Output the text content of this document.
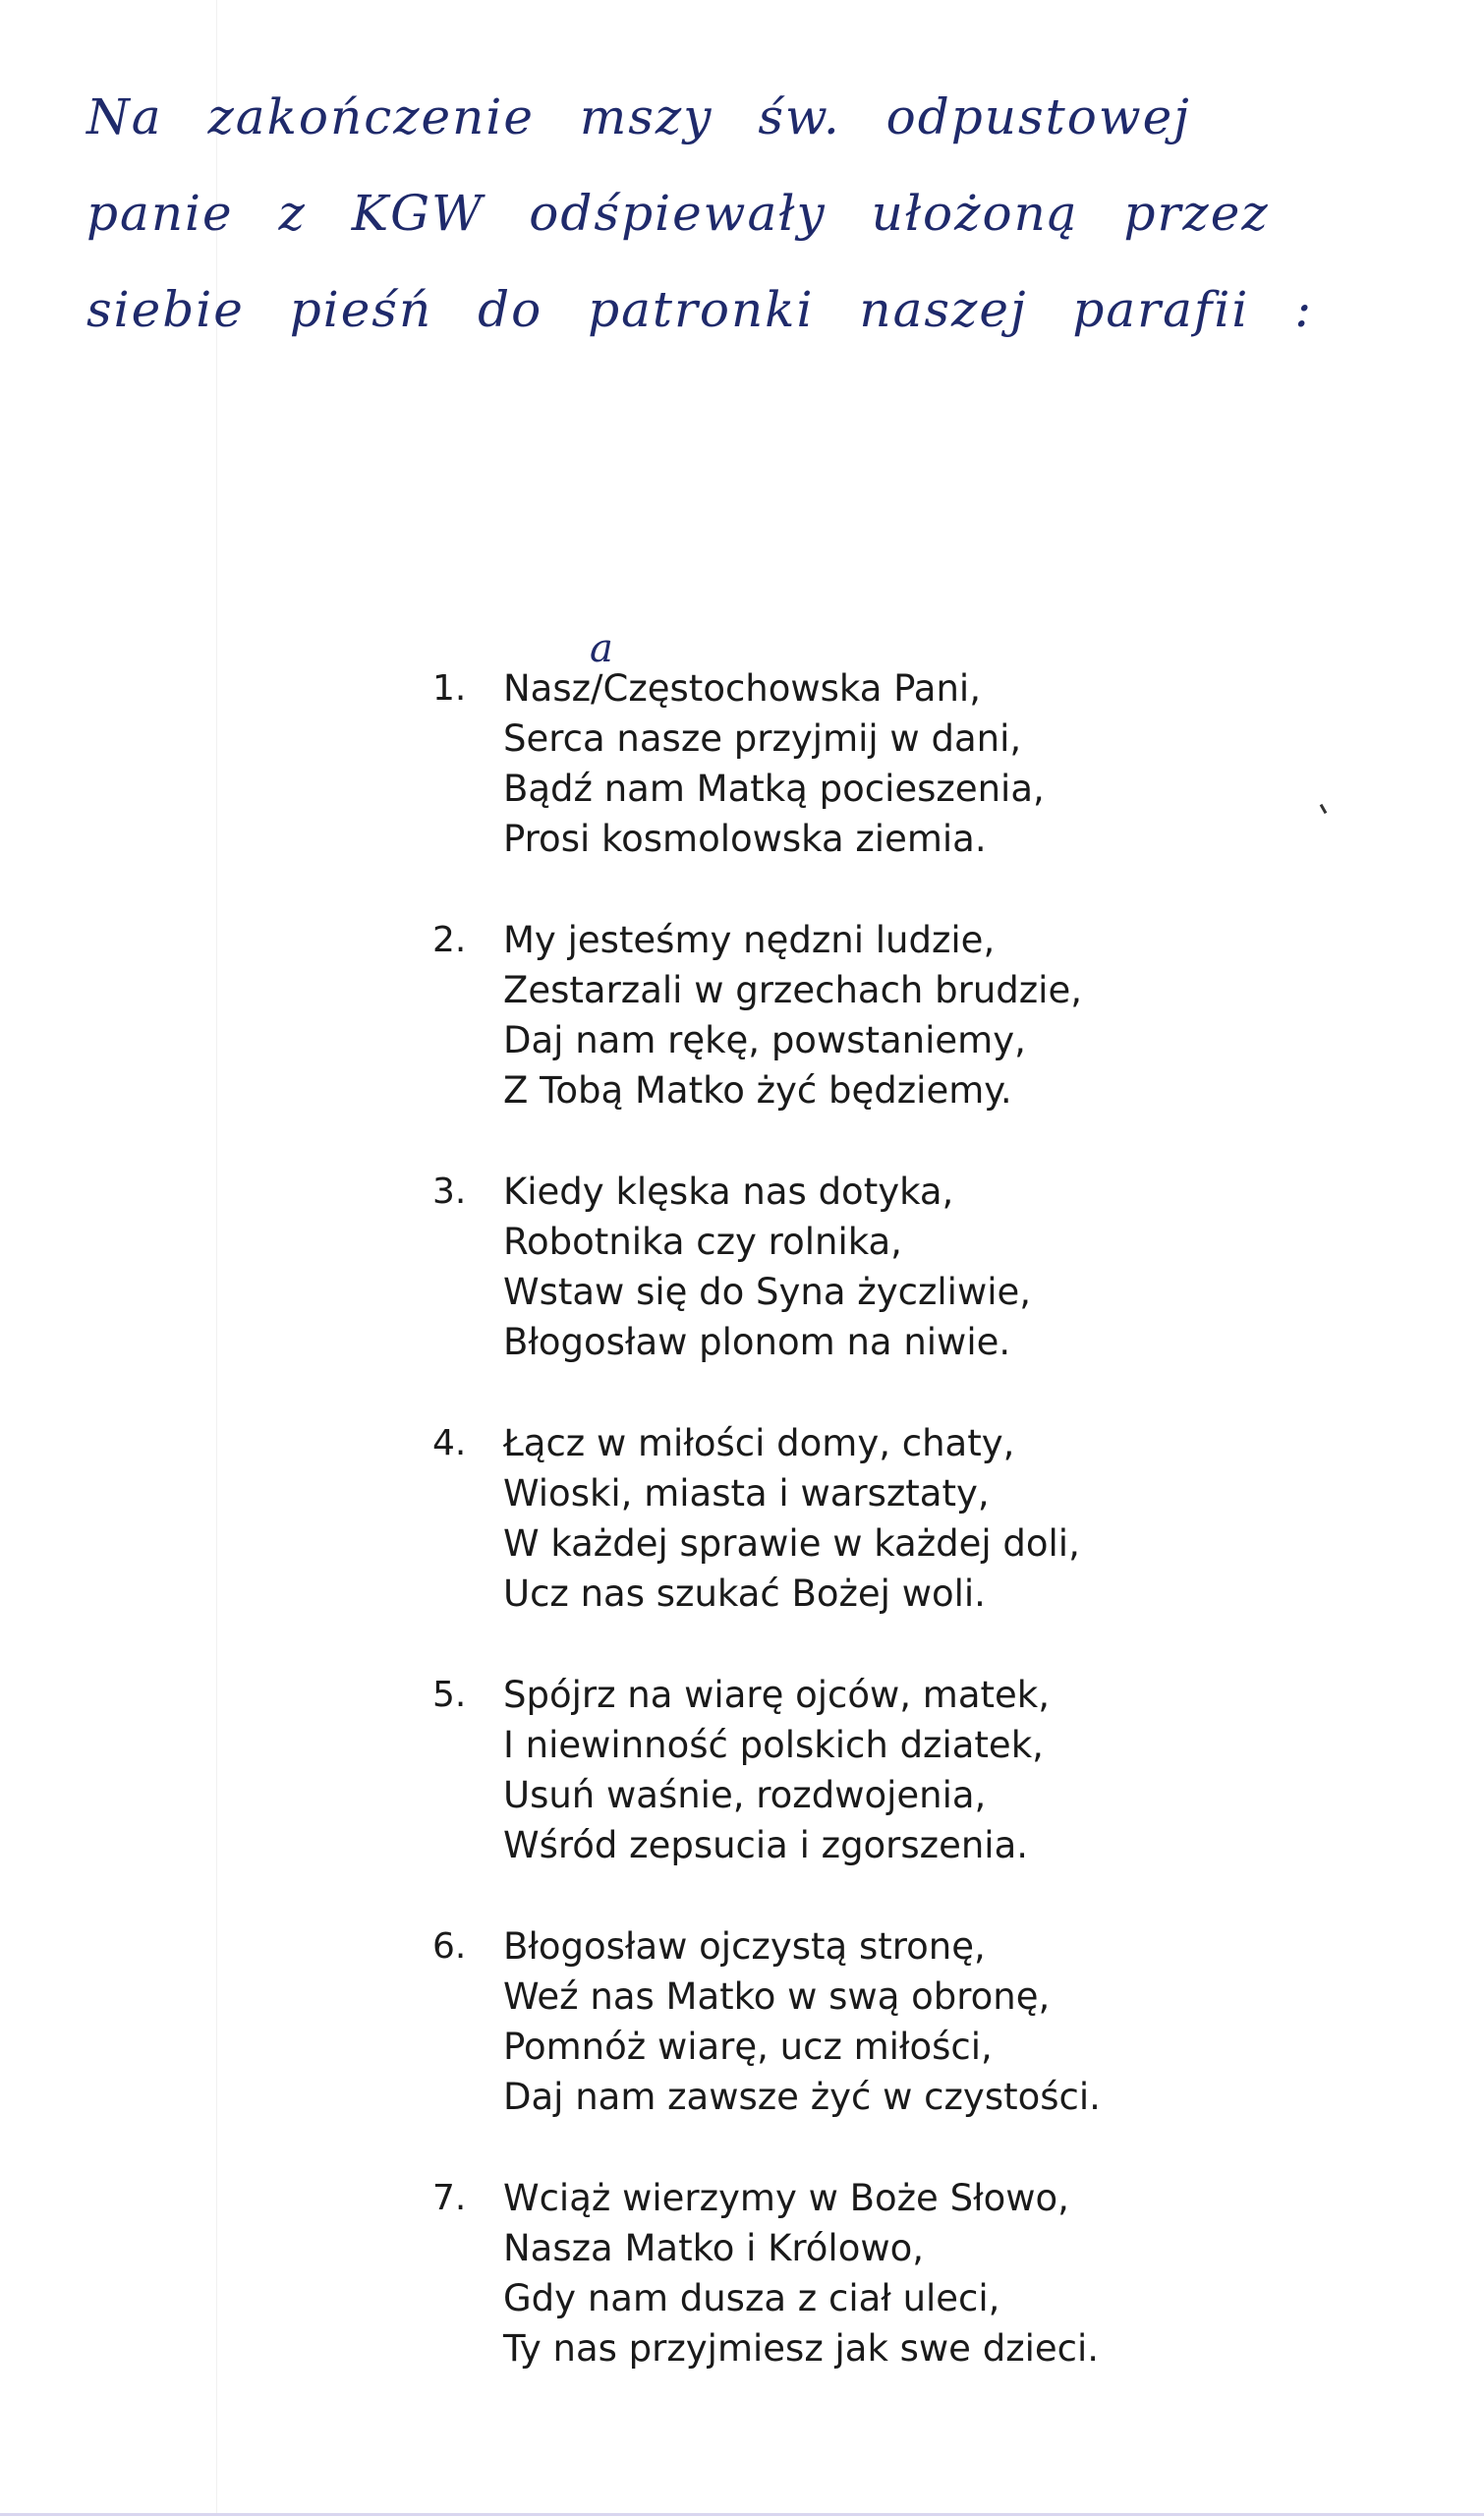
Na zakończenie mszy św. odpustowej
panie z KGW odśpiewały ułożoną przez
siebie pieśń do patronki naszej parafii :
a
1. Nasz/Częstochowska Pani,
Serca nasze przyjmij w dani,
Bądź nam Matką pocieszenia,
Prosi kosmolowska ziemia.
2. My jesteśmy nędzni ludzie,
Zestarzali w grzechach brudzie,
Daj nam rękę, powstaniemy,
Z Tobą Matko żyć będziemy.
3. Kiedy klęska nas dotyka,
Robotnika czy rolnika,
Wstaw się do Syna życzliwie,
Błogosław plonom na niwie.
4. Łącz w miłości domy, chaty,
Wioski, miasta i warsztaty,
W każdej sprawie w każdej doli,
Ucz nas szukać Bożej woli.
5. Spójrz na wiarę ojców, matek,
I niewinność polskich dziatek,
Usuń waśnie, rozdwojenia,
Wśród zepsucia i zgorszenia.
6. Błogosław ojczystą stronę,
Weź nas Matko w swą obronę,
Pomnóż wiarę, ucz miłości,
Daj nam zawsze żyć w czystości.
7. Wciąż wierzymy w Boże Słowo,
Nasza Matko i Królowo,
Gdy nam dusza z ciał uleci,
Ty nas przyjmiesz jak swe dzieci.
